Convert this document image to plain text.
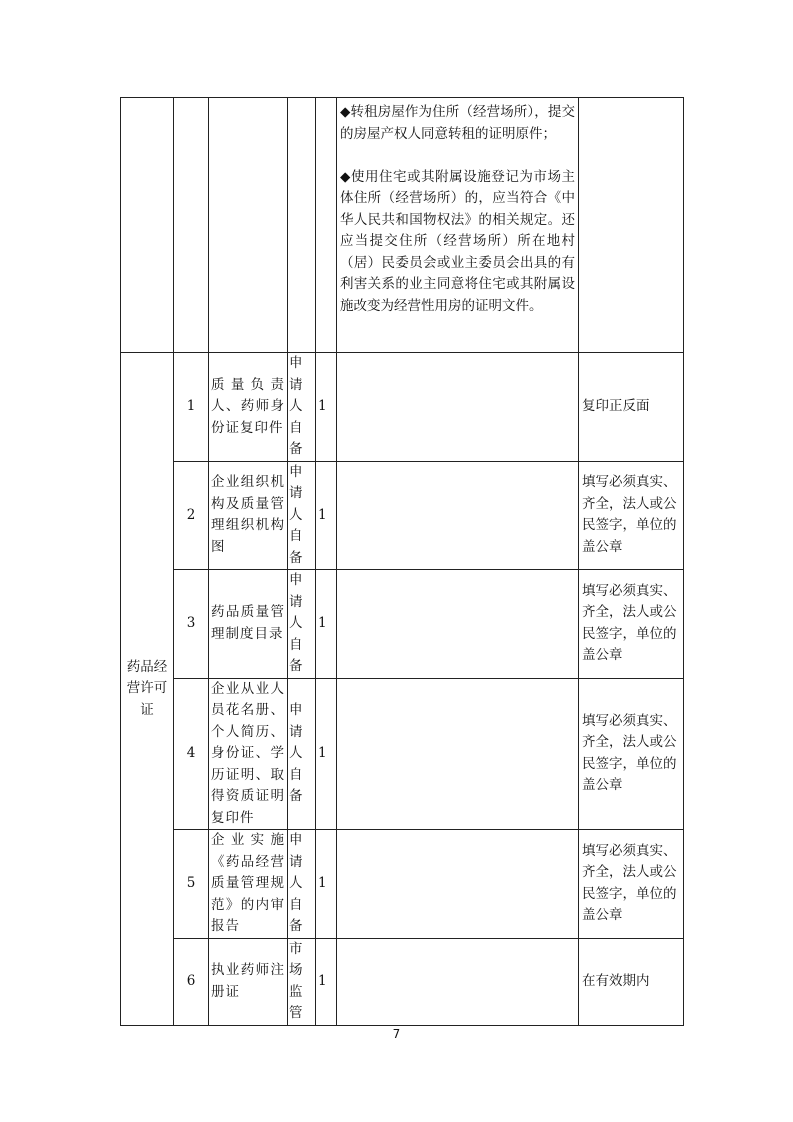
					◆转租房屋作为住所（经营场所），提交的房屋产权人同意转租的证明原件；

◆使用住宅或其附属设施登记为市场主体住所（经营场所）的，应当符合《中华人民共和国物权法》的相关规定。还应当提交住所（经营场所）所在地村（居）民委员会或业主委员会出具的有利害关系的业主同意将住宅或其附属设施改变为经营性用房的证明文件。	

药品经营许可证	1	质量负责人、药师身份证复印件	申请人自备	1		复印正反面
	2	企业组织机构及质量管理组织机构图	申请人自备	1		填写必须真实、齐全，法人或公民签字，单位的盖公章
	3	药品质量管理制度目录	申请人自备	1		填写必须真实、齐全，法人或公民签字，单位的盖公章
	4	企业从业人员花名册、个人简历、身份证、学历证明、取得资质证明复印件	申请人自备	1		填写必须真实、齐全，法人或公民签字，单位的盖公章
	5	企业实施《药品经营质量管理规范》的内审报告	申请人自备	1		填写必须真实、齐全，法人或公民签字，单位的盖公章
	6	执业药师注册证	市场监管	1		在有效期内
7
